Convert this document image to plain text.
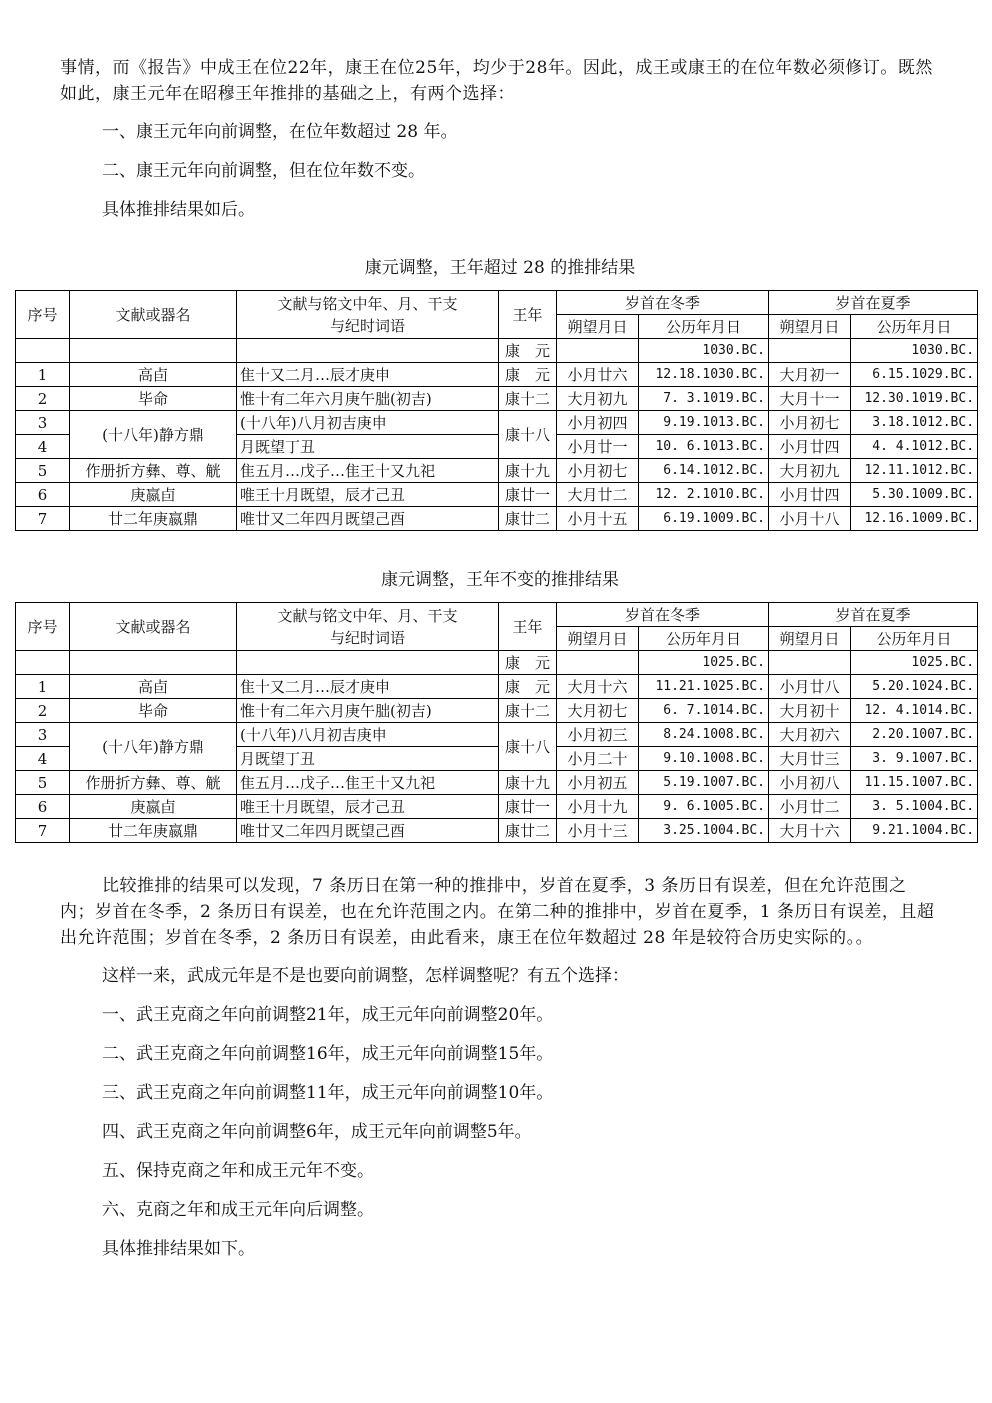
事情，而《报告》中成王在位22年，康王在位25年，均少于28年。因此，成王或康王的在位年数必须修订。既然如此，康王元年在昭穆王年推排的基础之上，有两个选择：

一、康王元年向前调整，在位年数超过 28 年。

二、康王元年向前调整，但在位年数不变。

具体推排结果如后。

康元调整，王年超过 28 的推排结果
序号	文献或器名	文献与铭文中年、月、干支
与纪时词语	王年	岁首在冬季		岁首在夏季	
				朔望月日	公历年月日	朔望月日	公历年月日
			康　元		1030.BC.		1030.BC.
1	高卣	隹十又二月…辰才庚申	康　元	小月廿六	12.18.1030.BC.	大月初一	6.15.1029.BC.
2	毕命	惟十有二年六月庚午朏(初吉)	康十二	大月初九	7. 3.1019.BC.	大月十一	12.30.1019.BC.
3	(十八年)静方鼎	(十八年)八月初吉庚申	康十八	小月初四	9.19.1013.BC.	小月初七	3.18.1012.BC.
4		月既望丁丑		小月廿一	10. 6.1013.BC.	小月廿四	4. 4.1012.BC.
5	作册折方彝、尊、觥	隹五月…戊子…隹王十又九祀	康十九	小月初七	6.14.1012.BC.	大月初九	12.11.1012.BC.
6	庚嬴卣	唯王十月既望，辰才己丑	康廿一	大月廿二	12. 2.1010.BC.	小月廿四	5.30.1009.BC.
7	廿二年庚嬴鼎	唯廿又二年四月既望己酉	康廿二	小月十五	6.19.1009.BC.	小月十八	12.16.1009.BC.
康元调整，王年不变的推排结果
序号	文献或器名	文献与铭文中年、月、干支
与纪时词语	王年	岁首在冬季		岁首在夏季	
				朔望月日	公历年月日	朔望月日	公历年月日
			康　元		1025.BC.		1025.BC.
1	高卣	隹十又二月…辰才庚申	康　元	大月十六	11.21.1025.BC.	小月廿八	5.20.1024.BC.
2	毕命	惟十有二年六月庚午朏(初吉)	康十二	大月初七	6. 7.1014.BC.	大月初十	12. 4.1014.BC.
3	(十八年)静方鼎	(十八年)八月初吉庚申	康十八	小月初三	8.24.1008.BC.	大月初六	2.20.1007.BC.
4		月既望丁丑		小月二十	9.10.1008.BC.	大月廿三	3. 9.1007.BC.
5	作册折方彝、尊、觥	隹五月…戊子…隹王十又九祀	康十九	小月初五	5.19.1007.BC.	小月初八	11.15.1007.BC.
6	庚嬴卣	唯王十月既望，辰才己丑	康廿一	小月十九	9. 6.1005.BC.	小月廿二	3. 5.1004.BC.
7	廿二年庚嬴鼎	唯廿又二年四月既望己酉	康廿二	小月十三	3.25.1004.BC.	大月十六	9.21.1004.BC.

比较推排的结果可以发现，7 条历日在第一种的推排中，岁首在夏季，3 条历日有误差，但在允许范围之内；岁首在冬季，2 条历日有误差，也在允许范围之内。在第二种的推排中，岁首在夏季，1 条历日有误差，且超出允许范围；岁首在冬季，2 条历日有误差，由此看来，康王在位年数超过 28 年是较符合历史实际的。。

这样一来，武成元年是不是也要向前调整，怎样调整呢？有五个选择：

一、武王克商之年向前调整21年，成王元年向前调整20年。

二、武王克商之年向前调整16年，成王元年向前调整15年。

三、武王克商之年向前调整11年，成王元年向前调整10年。

四、武王克商之年向前调整6年，成王元年向前调整5年。

五、保持克商之年和成王元年不变。

六、克商之年和成王元年向后调整。

具体推排结果如下。
